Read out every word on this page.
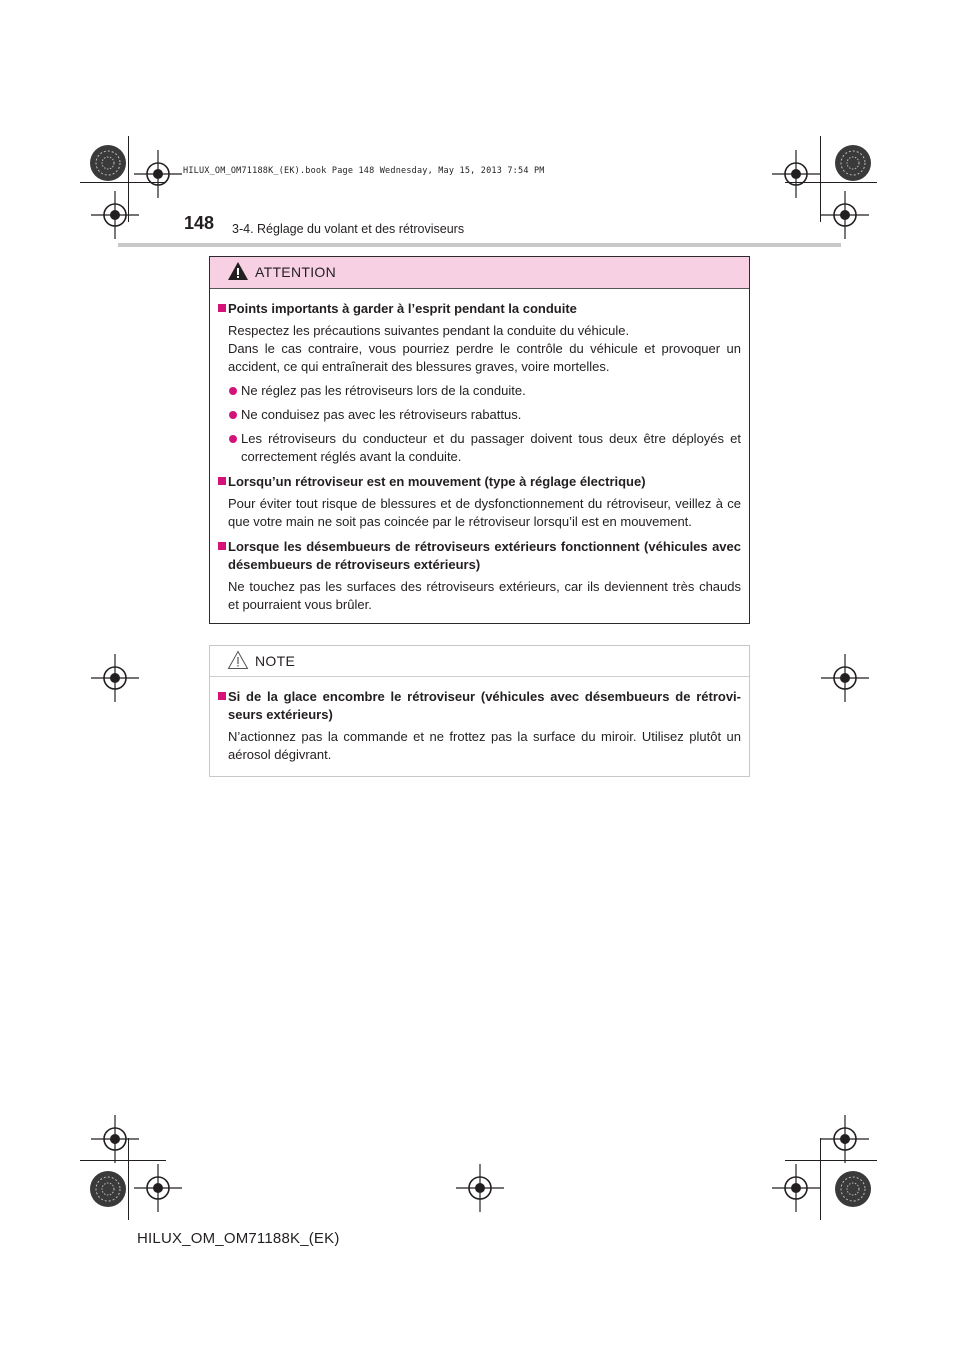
HILUX_OM_OM71188K_(EK).book Page 148 Wednesday, May 15, 2013 7:54 PM
148 3-4. Réglage du volant et des rétroviseurs
ATTENTION
Points importants à garder à l’esprit pendant la conduite
Respectez les précautions suivantes pendant la conduite du véhicule.
Dans le cas contraire, vous pourriez perdre le contrôle du véhicule et provoquer un accident, ce qui entraînerait des blessures graves, voire mortelles.
Ne réglez pas les rétroviseurs lors de la conduite.
Ne conduisez pas avec les rétroviseurs rabattus.
Les rétroviseurs du conducteur et du passager doivent tous deux être déployés et correctement réglés avant la conduite.
Lorsqu’un rétroviseur est en mouvement (type à réglage électrique)
Pour éviter tout risque de blessures et de dysfonctionnement du rétroviseur, veillez à ce que votre main ne soit pas coincée par le rétroviseur lorsqu’il est en mouvement.
Lorsque les désembueurs de rétroviseurs extérieurs fonctionnent (véhicules avec désembueurs de rétroviseurs extérieurs)
Ne touchez pas les surfaces des rétroviseurs extérieurs, car ils deviennent très chauds et pourraient vous brûler.
NOTE
Si de la glace encombre le rétroviseur (véhicules avec désembueurs de rétrovi-seurs extérieurs)
N’actionnez pas la commande et ne frottez pas la surface du miroir. Utilisez plutôt un aérosol dégivrant.
HILUX_OM_OM71188K_(EK)
